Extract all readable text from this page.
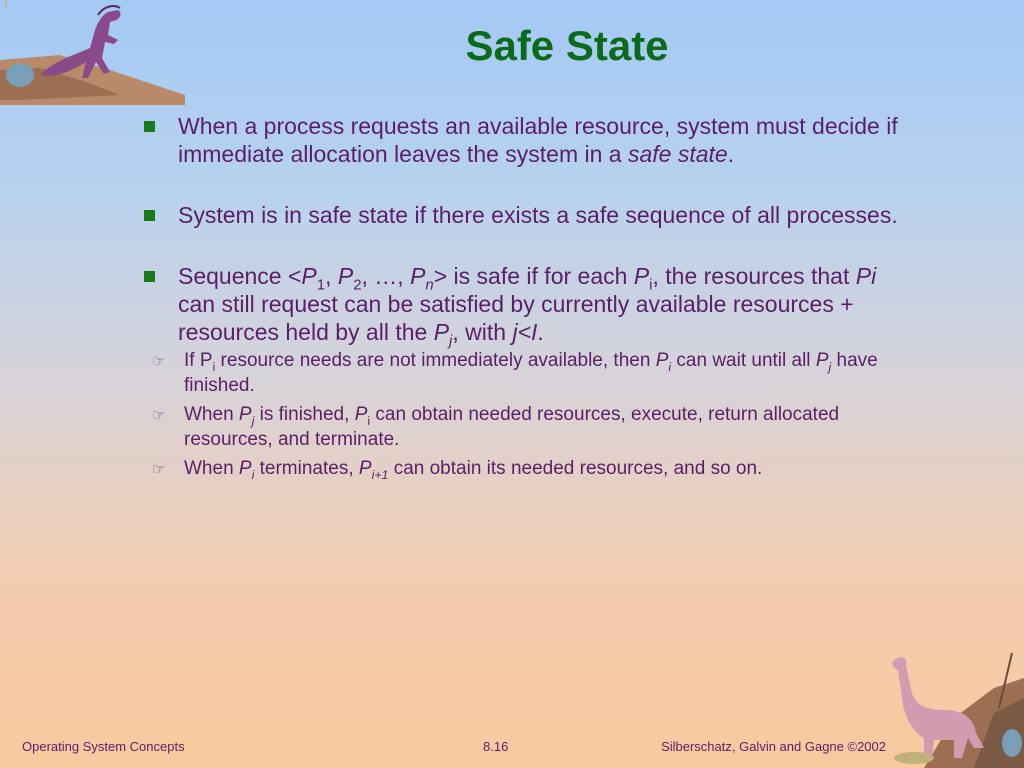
Safe State
When a process requests an available resource, system must decide if immediate allocation leaves the system in a safe state.
System is in safe state if there exists a safe sequence of all processes.
Sequence $<P_1$, $P_2$, …, $P_n>$ is safe if for each $P_i$, the resources that Pi can still request can be satisfied by currently available resources + resources held by all the $P_j$, with j<I.
☞ If $P_i$ resource needs are not immediately available, then $P_i$ can wait until all $P_j$ have finished.
☞ When $P_j$ is finished, $P_i$ can obtain needed resources, execute, return allocated resources, and terminate.
☞ When $P_i$ terminates, $P_{i+1}$ can obtain its needed resources, and so on.
Operating System Concepts	8.16	Silberschatz, Galvin and Gagne ©2002
